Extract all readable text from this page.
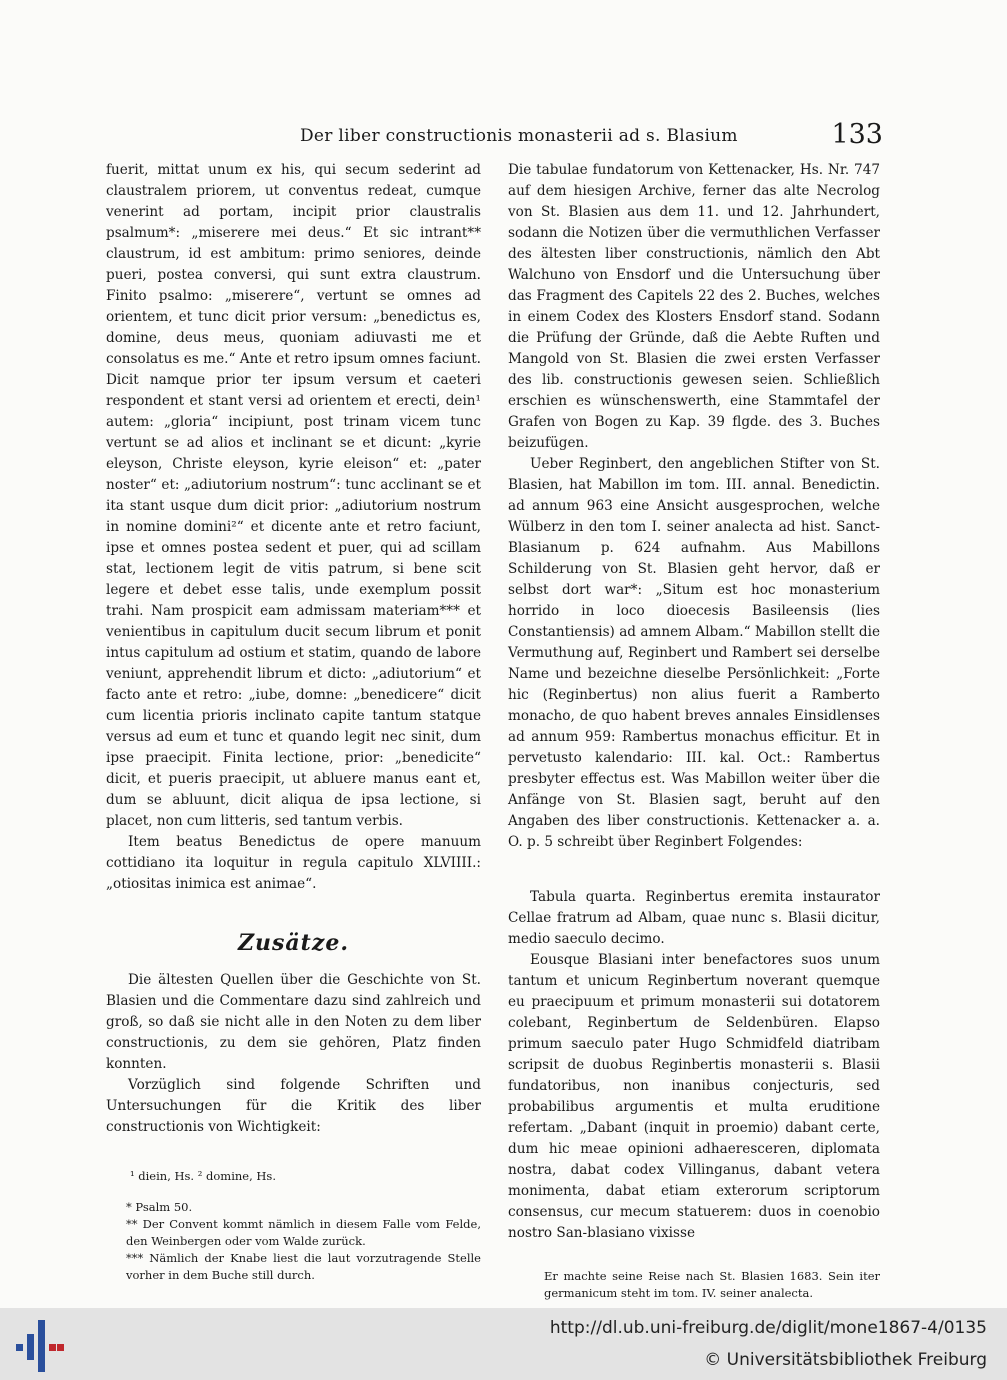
Der liber constructionis monasterii ad s. Blasium	133

fuerit, mittat unum ex his, qui secum sederint ad claustralem priorem, ut conventus redeat, cumque venerint ad portam, incipit prior claustralis psalmum*: „miserere mei deus.“ Et sic intrant** claustrum, id est ambitum: primo seniores, deinde pueri, postea conversi, qui sunt extra claustrum. Finito psalmo: „miserere“, vertunt se omnes ad orientem, et tunc dicit prior versum: „benedictus es, domine, deus meus, quoniam adiuvasti me et consolatus es me.“ Ante et retro ipsum omnes faciunt. Dicit namque prior ter ipsum versum et caeteri respondent et stant versi ad orientem et erecti, dein¹ autem: „gloria“ incipiunt, post trinam vicem tunc vertunt se ad alios et inclinant se et dicunt: „kyrie eleyson, Christe eleyson, kyrie eleison“ et: „pater noster“ et: „adiutorium nostrum“: tunc acclinant se et ita stant usque dum dicit prior: „adiutorium nostrum in nomine domini²“ et dicente ante et retro faciunt, ipse et omnes postea sedent et puer, qui ad scillam stat, lectionem legit de vitis patrum, si bene scit legere et debet esse talis, unde exemplum possit trahi. Nam prospicit eam admissam materiam*** et venientibus in capitulum ducit secum librum et ponit intus capitulum ad ostium et statim, quando de labore veniunt, apprehendit librum et dicto: „adiutorium“ et facto ante et retro: „iube, domne: „benedicere“ dicit cum licentia prioris inclinato capite tantum statque versus ad eum et tunc et quando legit nec sinit, dum ipse praecipit. Finita lectione, prior: „benedicite“ dicit, et pueris praecipit, ut abluere manus eant et, dum se abluunt, dicit aliqua de ipsa lectione, si placet, non cum litteris, sed tantum verbis.

Item beatus Benedictus de opere manuum cottidiano ita loquitur in regula capitulo XLVIIII.: „otiositas inimica est animae“.

Zusätze.

Die ältesten Quellen über die Geschichte von St. Blasien und die Commentare dazu sind zahlreich und groß, so daß sie nicht alle in den Noten zu dem liber constructionis, zu dem sie gehören, Platz finden konnten.

Vorzüglich sind folgende Schriften und Untersuchungen für die Kritik des liber constructionis von Wichtigkeit:

¹ diein, Hs. ² domine, Hs.
* Psalm 50.
** Der Convent kommt nämlich in diesem Falle vom Felde, den Weinbergen oder vom Walde zurück.
*** Nämlich der Knabe liest die laut vorzutragende Stelle vorher in dem Buche still durch.

Die tabulae fundatorum von Kettenacker, Hs. Nr. 747 auf dem hiesigen Archive, ferner das alte Necrolog von St. Blasien aus dem 11. und 12. Jahrhundert, sodann die Notizen über die vermuthlichen Verfasser des ältesten liber constructionis, nämlich den Abt Walchuno von Ensdorf und die Untersuchung über das Fragment des Capitels 22 des 2. Buches, welches in einem Codex des Klosters Ensdorf stand. Sodann die Prüfung der Gründe, daß die Aebte Ruften und Mangold von St. Blasien die zwei ersten Verfasser des lib. constructionis gewesen seien. Schließlich erschien es wünschenswerth, eine Stammtafel der Grafen von Bogen zu Kap. 39 flgde. des 3. Buches beizufügen.

Ueber Reginbert, den angeblichen Stifter von St. Blasien, hat Mabillon im tom. III. annal. Benedictin. ad annum 963 eine Ansicht ausgesprochen, welche Wülberz in den tom I. seiner analecta ad hist. Sanct-Blasianum p. 624 aufnahm. Aus Mabillons Schilderung von St. Blasien geht hervor, daß er selbst dort war*: „Situm est hoc monasterium horrido in loco dioecesis Basileensis (lies Constantiensis) ad amnem Albam.“ Mabillon stellt die Vermuthung auf, Reginbert und Rambert sei derselbe Name und bezeichne dieselbe Persönlichkeit: „Forte hic (Reginbertus) non alius fuerit a Ramberto monacho, de quo habent breves annales Einsidlenses ad annum 959: Rambertus monachus efficitur. Et in pervetusto kalendario: III. kal. Oct.: Rambertus presbyter effectus est. Was Mabillon weiter über die Anfänge von St. Blasien sagt, beruht auf den Angaben des liber constructionis. Kettenacker a. a. O. p. 5 schreibt über Reginbert Folgendes:

Tabula quarta. Reginbertus eremita instaurator Cellae fratrum ad Albam, quae nunc s. Blasii dicitur, medio saeculo decimo.

Eousque Blasiani inter benefactores suos unum tantum et unicum Reginbertum noverant quemque eu praecipuum et primum monasterii sui dotatorem colebant, Reginbertum de Seldenbüren. Elapso primum saeculo pater Hugo Schmidfeld diatribam scripsit de duobus Reginbertis monasterii s. Blasii fundatoribus, non inanibus conjecturis, sed probabilibus argumentis et multa eruditione refertam. „Dabant (inquit in proemio) dabant certe, dum hic meae opinioni adhaeresceren, diplomata nostra, dabat codex Villinganus, dabant vetera monimenta, dabat etiam exterorum scriptorum consensus, cur mecum statuerem: duos in coenobio nostro San-blasiano vixisse

Er machte seine Reise nach St. Blasien 1683. Sein iter germanicum steht im tom. IV. seiner analecta.
http://dl.ub.uni-freiburg.de/diglit/mone1867-4/0135
© Universitätsbibliothek Freiburg
